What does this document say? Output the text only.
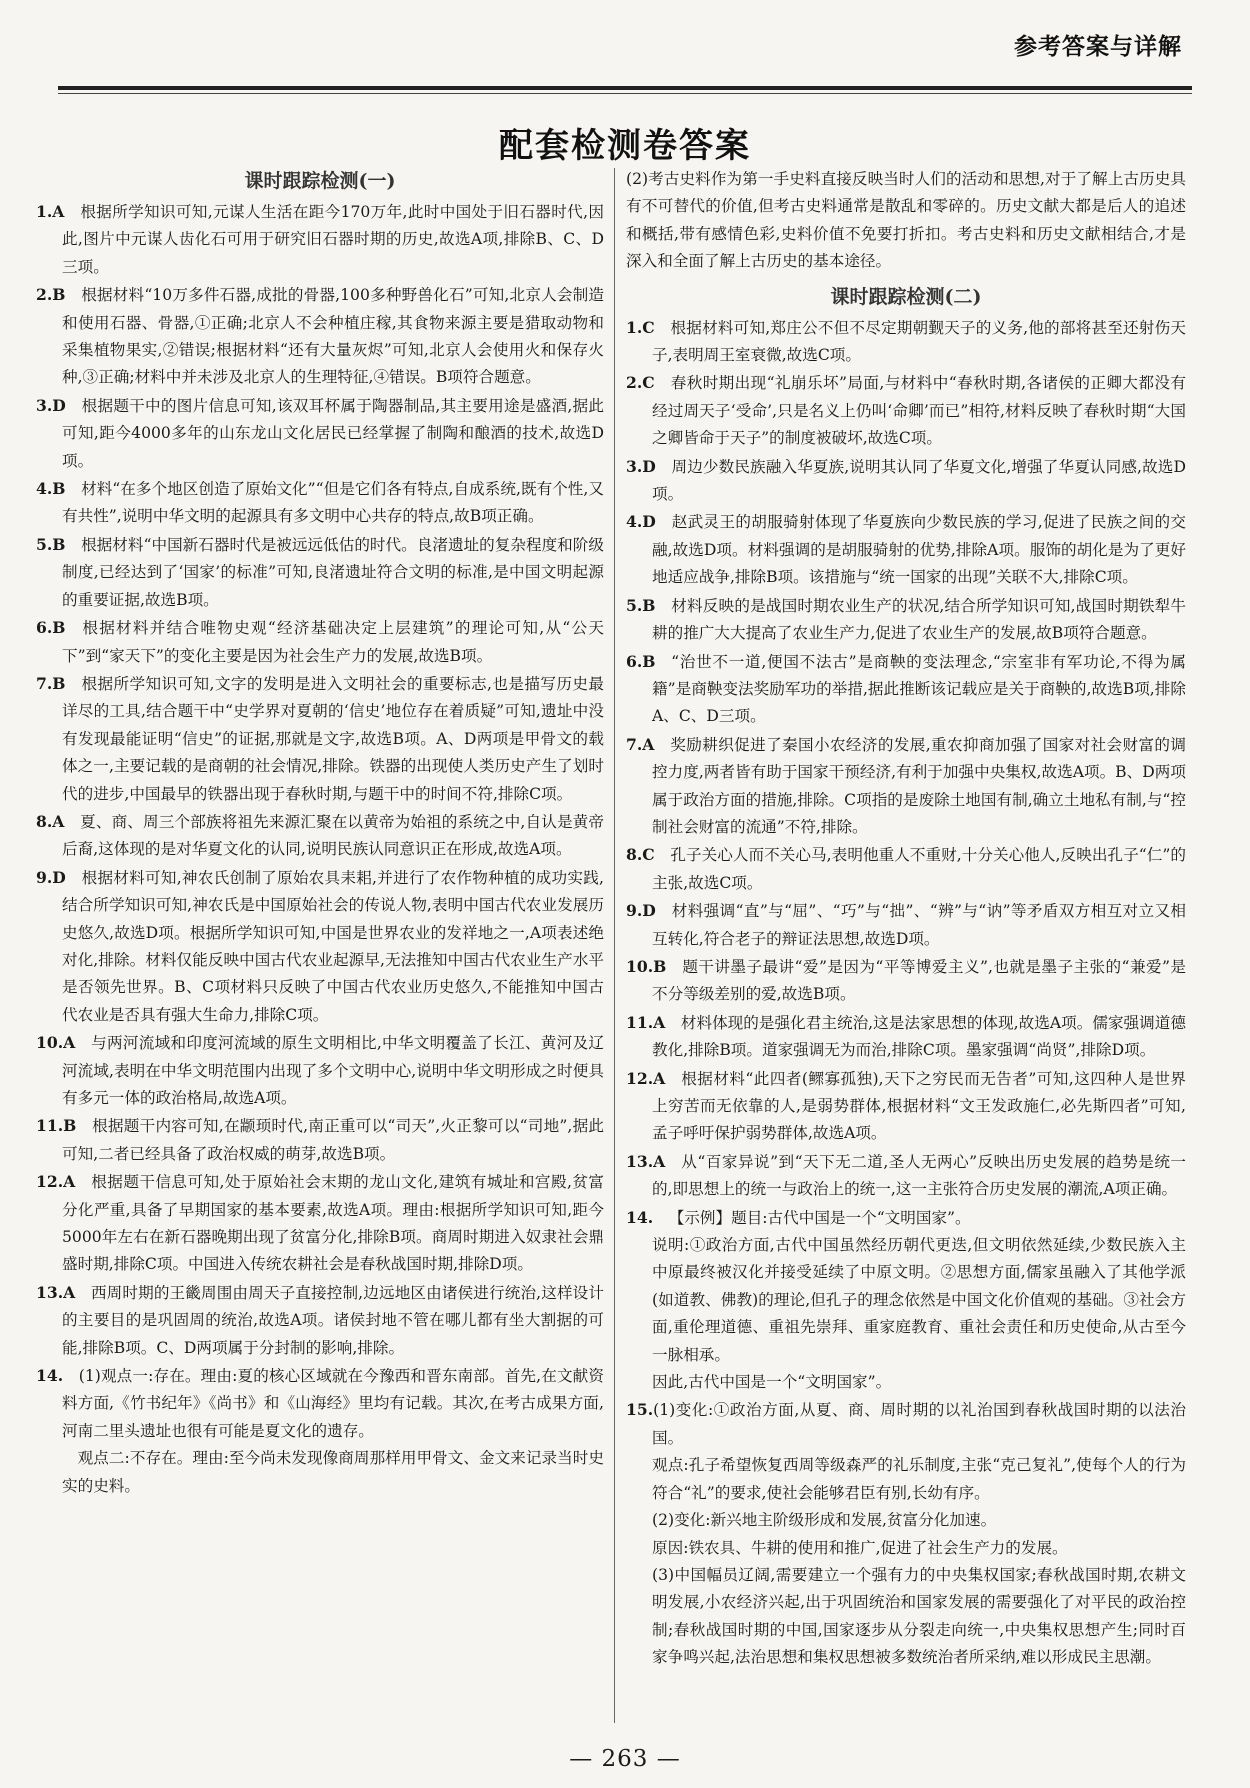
参考答案与详解
配套检测卷答案
课时跟踪检测(一)

1.A  根据所学知识可知,元谋人生活在距今170万年,此时中国处于旧石器时代,因此,图片中元谋人齿化石可用于研究旧石器时期的历史,故选A项,排除B、C、D三项。

2.B  根据材料“10万多件石器,成批的骨器,100多种野兽化石”可知,北京人会制造和使用石器、骨器,①正确;北京人不会种植庄稼,其食物来源主要是猎取动物和采集植物果实,②错误;根据材料“还有大量灰烬”可知,北京人会使用火和保存火种,③正确;材料中并未涉及北京人的生理特征,④错误。B项符合题意。

3.D  根据题干中的图片信息可知,该双耳杯属于陶器制品,其主要用途是盛酒,据此可知,距今4000多年的山东龙山文化居民已经掌握了制陶和酿酒的技术,故选D项。

4.B  材料“在多个地区创造了原始文化”“但是它们各有特点,自成系统,既有个性,又有共性”,说明中华文明的起源具有多文明中心共存的特点,故B项正确。

5.B  根据材料“中国新石器时代是被远远低估的时代。良渚遗址的复杂程度和阶级制度,已经达到了‘国家’的标准”可知,良渚遗址符合文明的标准,是中国文明起源的重要证据,故选B项。

6.B  根据材料并结合唯物史观“经济基础决定上层建筑”的理论可知,从“公天下”到“家天下”的变化主要是因为社会生产力的发展,故选B项。

7.B  根据所学知识可知,文字的发明是进入文明社会的重要标志,也是描写历史最详尽的工具,结合题干中“史学界对夏朝的‘信史’地位存在着质疑”可知,遗址中没有发现最能证明“信史”的证据,那就是文字,故选B项。A、D两项是甲骨文的载体之一,主要记载的是商朝的社会情况,排除。铁器的出现使人类历史产生了划时代的进步,中国最早的铁器出现于春秋时期,与题干中的时间不符,排除C项。

8.A  夏、商、周三个部族将祖先来源汇聚在以黄帝为始祖的系统之中,自认是黄帝后裔,这体现的是对华夏文化的认同,说明民族认同意识正在形成,故选A项。

9.D  根据材料可知,神农氏创制了原始农具耒耜,并进行了农作物种植的成功实践,结合所学知识可知,神农氏是中国原始社会的传说人物,表明中国古代农业发展历史悠久,故选D项。根据所学知识可知,中国是世界农业的发祥地之一,A项表述绝对化,排除。材料仅能反映中国古代农业起源早,无法推知中国古代农业生产水平是否领先世界。B、C项材料只反映了中国古代农业历史悠久,不能推知中国古代农业是否具有强大生命力,排除C项。

10.A  与两河流域和印度河流域的原生文明相比,中华文明覆盖了长江、黄河及辽河流域,表明在中华文明范围内出现了多个文明中心,说明中华文明形成之时便具有多元一体的政治格局,故选A项。

11.B  根据题干内容可知,在颛顼时代,南正重可以“司天”,火正黎可以“司地”,据此可知,二者已经具备了政治权威的萌芽,故选B项。

12.A  根据题干信息可知,处于原始社会末期的龙山文化,建筑有城址和宫殿,贫富分化严重,具备了早期国家的基本要素,故选A项。理由:根据所学知识可知,距今5000年左右在新石器晚期出现了贫富分化,排除B项。商周时期进入奴隶社会鼎盛时期,排除C项。中国进入传统农耕社会是春秋战国时期,排除D项。

13.A  西周时期的王畿周围由周天子直接控制,边远地区由诸侯进行统治,这样设计的主要目的是巩固周的统治,故选A项。诸侯封地不管在哪儿都有坐大割据的可能,排除B项。C、D两项属于分封制的影响,排除。

14.  (1)观点一:存在。理由:夏的核心区域就在今豫西和晋东南部。首先,在文献资料方面,《竹书纪年》《尚书》和《山海经》里均有记载。其次,在考古成果方面,河南二里头遗址也很有可能是夏文化的遗存。

 观点二:不存在。理由:至今尚未发现像商周那样用甲骨文、金文来记录当时史实的史料。

(2)考古史料作为第一手史料直接反映当时人们的活动和思想,对于了解上古历史具有不可替代的价值,但考古史料通常是散乱和零碎的。历史文献大都是后人的追述和概括,带有感情色彩,史料价值不免要打折扣。考古史料和历史文献相结合,才是深入和全面了解上古历史的基本途径。

课时跟踪检测(二)

1.C  根据材料可知,郑庄公不但不尽定期朝觐天子的义务,他的部将甚至还射伤天子,表明周王室衰微,故选C项。

2.C  春秋时期出现“礼崩乐坏”局面,与材料中“春秋时期,各诸侯的正卿大都没有经过周天子‘受命’,只是名义上仍叫‘命卿’而已”相符,材料反映了春秋时期“大国之卿皆命于天子”的制度被破坏,故选C项。

3.D  周边少数民族融入华夏族,说明其认同了华夏文化,增强了华夏认同感,故选D项。

4.D  赵武灵王的胡服骑射体现了华夏族向少数民族的学习,促进了民族之间的交融,故选D项。材料强调的是胡服骑射的优势,排除A项。服饰的胡化是为了更好地适应战争,排除B项。该措施与“统一国家的出现”关联不大,排除C项。

5.B  材料反映的是战国时期农业生产的状况,结合所学知识可知,战国时期铁犁牛耕的推广大大提高了农业生产力,促进了农业生产的发展,故B项符合题意。

6.B  “治世不一道,便国不法古”是商鞅的变法理念,“宗室非有军功论,不得为属籍”是商鞅变法奖励军功的举措,据此推断该记载应是关于商鞅的,故选B项,排除A、C、D三项。

7.A  奖励耕织促进了秦国小农经济的发展,重农抑商加强了国家对社会财富的调控力度,两者皆有助于国家干预经济,有利于加强中央集权,故选A项。B、D两项属于政治方面的措施,排除。C项指的是废除土地国有制,确立土地私有制,与“控制社会财富的流通”不符,排除。

8.C  孔子关心人而不关心马,表明他重人不重财,十分关心他人,反映出孔子“仁”的主张,故选C项。

9.D  材料强调“直”与“屈”、“巧”与“拙”、“辨”与“讷”等矛盾双方相互对立又相互转化,符合老子的辩证法思想,故选D项。

10.B  题干讲墨子最讲“爱”是因为“平等博爱主义”,也就是墨子主张的“兼爱”是不分等级差别的爱,故选B项。

11.A  材料体现的是强化君主统治,这是法家思想的体现,故选A项。儒家强调道德教化,排除B项。道家强调无为而治,排除C项。墨家强调“尚贤”,排除D项。

12.A  根据材料“此四者(鳏寡孤独),天下之穷民而无告者”可知,这四种人是世界上穷苦而无依靠的人,是弱势群体,根据材料“文王发政施仁,必先斯四者”可知,孟子呼吁保护弱势群体,故选A项。

13.A  从“百家异说”到“天下无二道,圣人无两心”反映出历史发展的趋势是统一的,即思想上的统一与政治上的统一,这一主张符合历史发展的潮流,A项正确。

14.  【示例】题目:古代中国是一个“文明国家”。

说明:①政治方面,古代中国虽然经历朝代更迭,但文明依然延续,少数民族入主中原最终被汉化并接受延续了中原文明。②思想方面,儒家虽融入了其他学派(如道教、佛教)的理论,但孔子的理念依然是中国文化价值观的基础。③社会方面,重伦理道德、重祖先崇拜、重家庭教育、重社会责任和历史使命,从古至今一脉相承。

因此,古代中国是一个“文明国家”。

15.(1)变化:①政治方面,从夏、商、周时期的以礼治国到春秋战国时期的以法治国。

观点:孔子希望恢复西周等级森严的礼乐制度,主张“克己复礼”,使每个人的行为符合“礼”的要求,使社会能够君臣有别,长幼有序。

(2)变化:新兴地主阶级形成和发展,贫富分化加速。

原因:铁农具、牛耕的使用和推广,促进了社会生产力的发展。

(3)中国幅员辽阔,需要建立一个强有力的中央集权国家;春秋战国时期,农耕文明发展,小农经济兴起,出于巩固统治和国家发展的需要强化了对平民的政治控制;春秋战国时期的中国,国家逐步从分裂走向统一,中央集权思想产生;同时百家争鸣兴起,法治思想和集权思想被多数统治者所采纳,难以形成民主思潮。

— 263 —
